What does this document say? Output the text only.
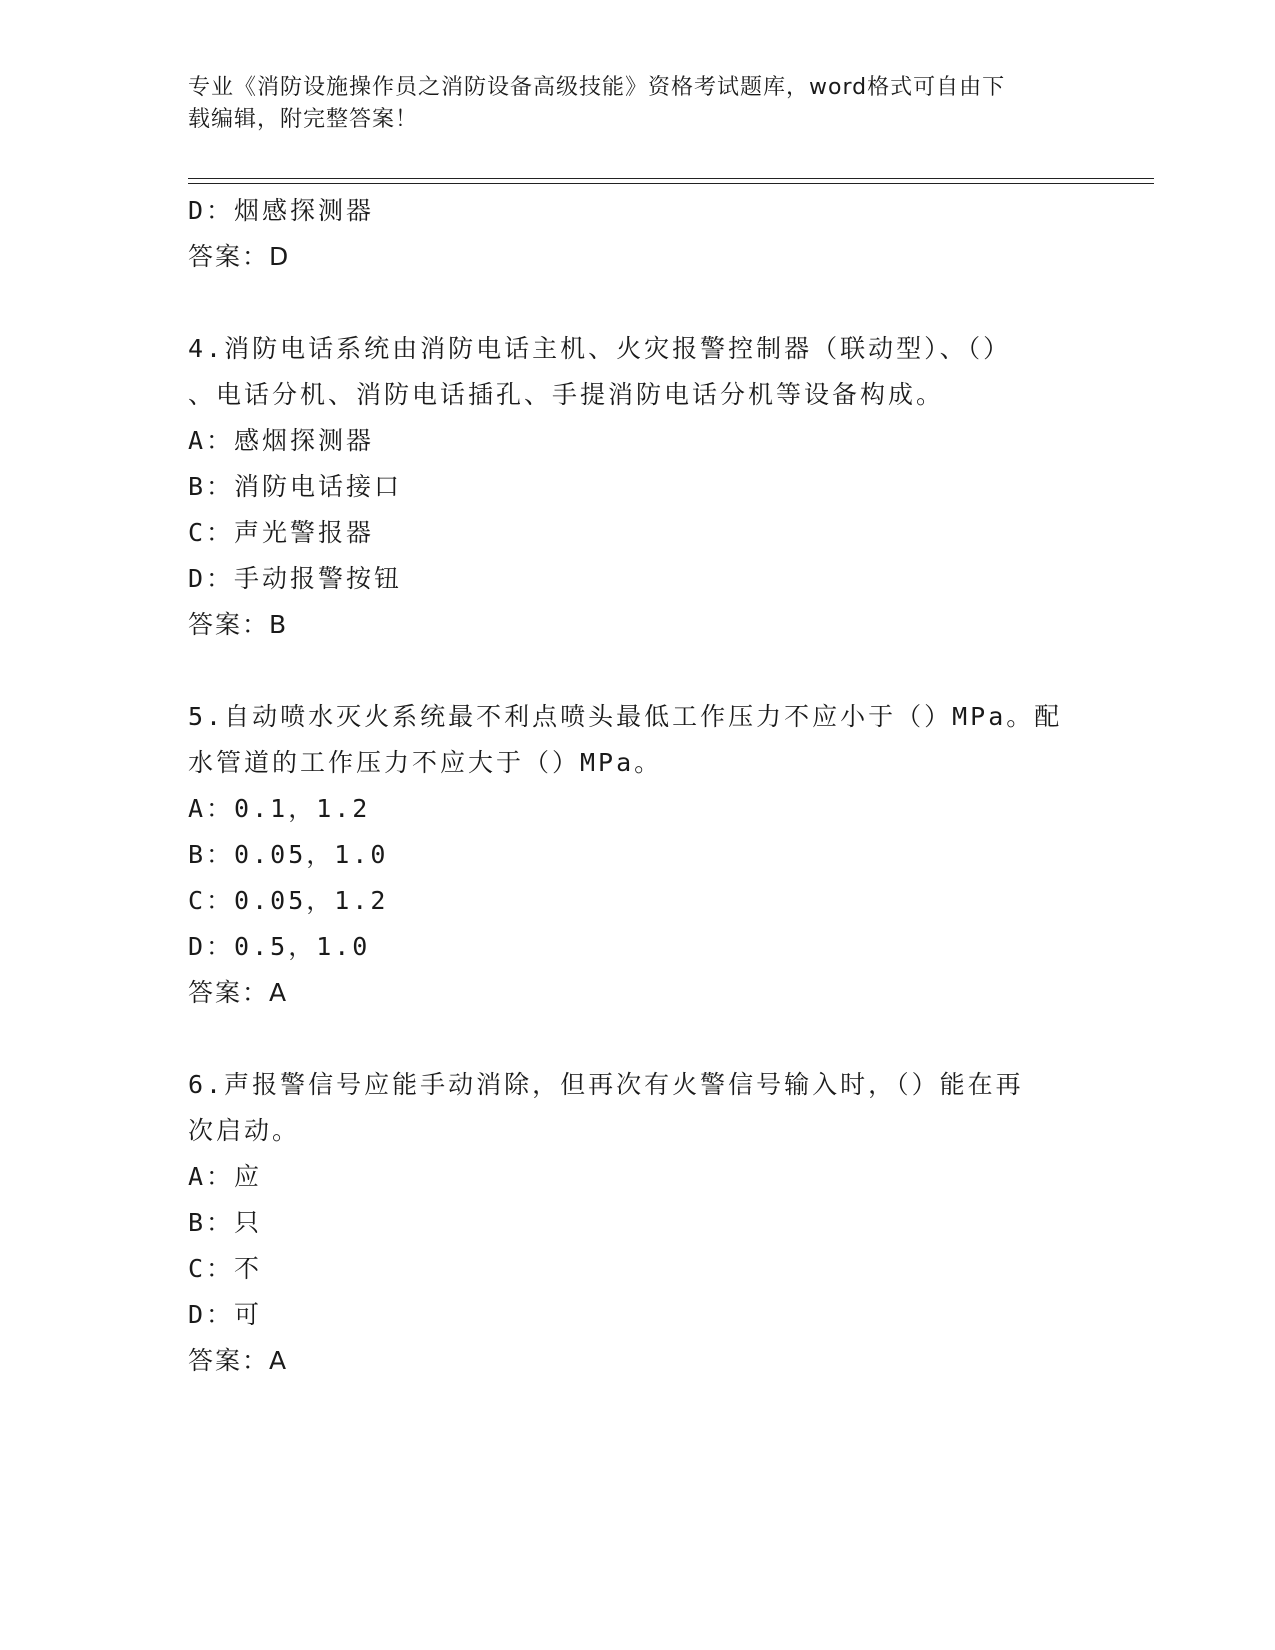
专业《消防设施操作员之消防设备高级技能》资格考试题库，word格式可自由下
载编辑，附完整答案！
D：烟感探测器
答案：D
4.消防电话系统由消防电话主机、火灾报警控制器（联动型）、（）
、电话分机、消防电话插孔、手提消防电话分机等设备构成。
A：感烟探测器
B：消防电话接口
C：声光警报器
D：手动报警按钮
答案：B
5.自动喷水灭火系统最不利点喷头最低工作压力不应小于（）MPa。配
水管道的工作压力不应大于（）MPa。
A：0.1，1.2
B：0.05，1.0
C：0.05，1.2
D：0.5，1.0
答案：A
6.声报警信号应能手动消除，但再次有火警信号输入时，（）能在再
次启动。
A：应
B：只
C：不
D：可
答案：A
